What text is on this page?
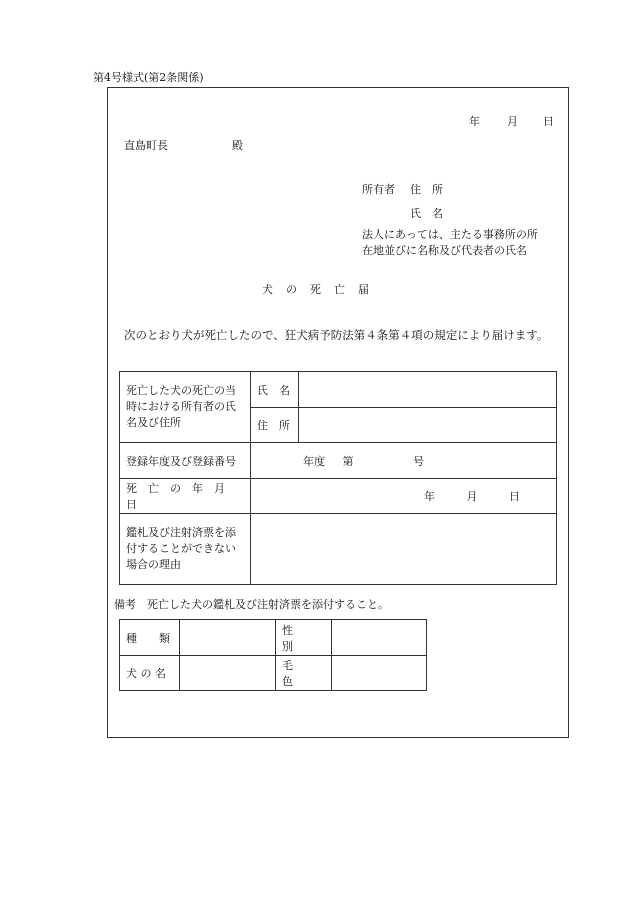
第4号様式(第2条関係)
年 月 日
直島町長	殿
所有者 住　所
氏　名
法人にあっては、主たる事務所の所
在地並びに名称及び代表者の氏名
犬　の　死　亡　届
次のとおり犬が死亡したので、狂犬病予防法第４条第４項の規定により届けます。
死亡した犬の死亡の当時における所有者の氏名及び住所	氏　名	
	住　所	
登録年度及び登録番号	年度 第 号	
死　亡　の　年　月　日	年 月 日	
鑑札及び注射済票を添付することができない場合の理由		
備考　死亡した犬の鑑札及び注射済票を添付すること。
種　　類		性　　別	
犬 の 名		毛　　色	
